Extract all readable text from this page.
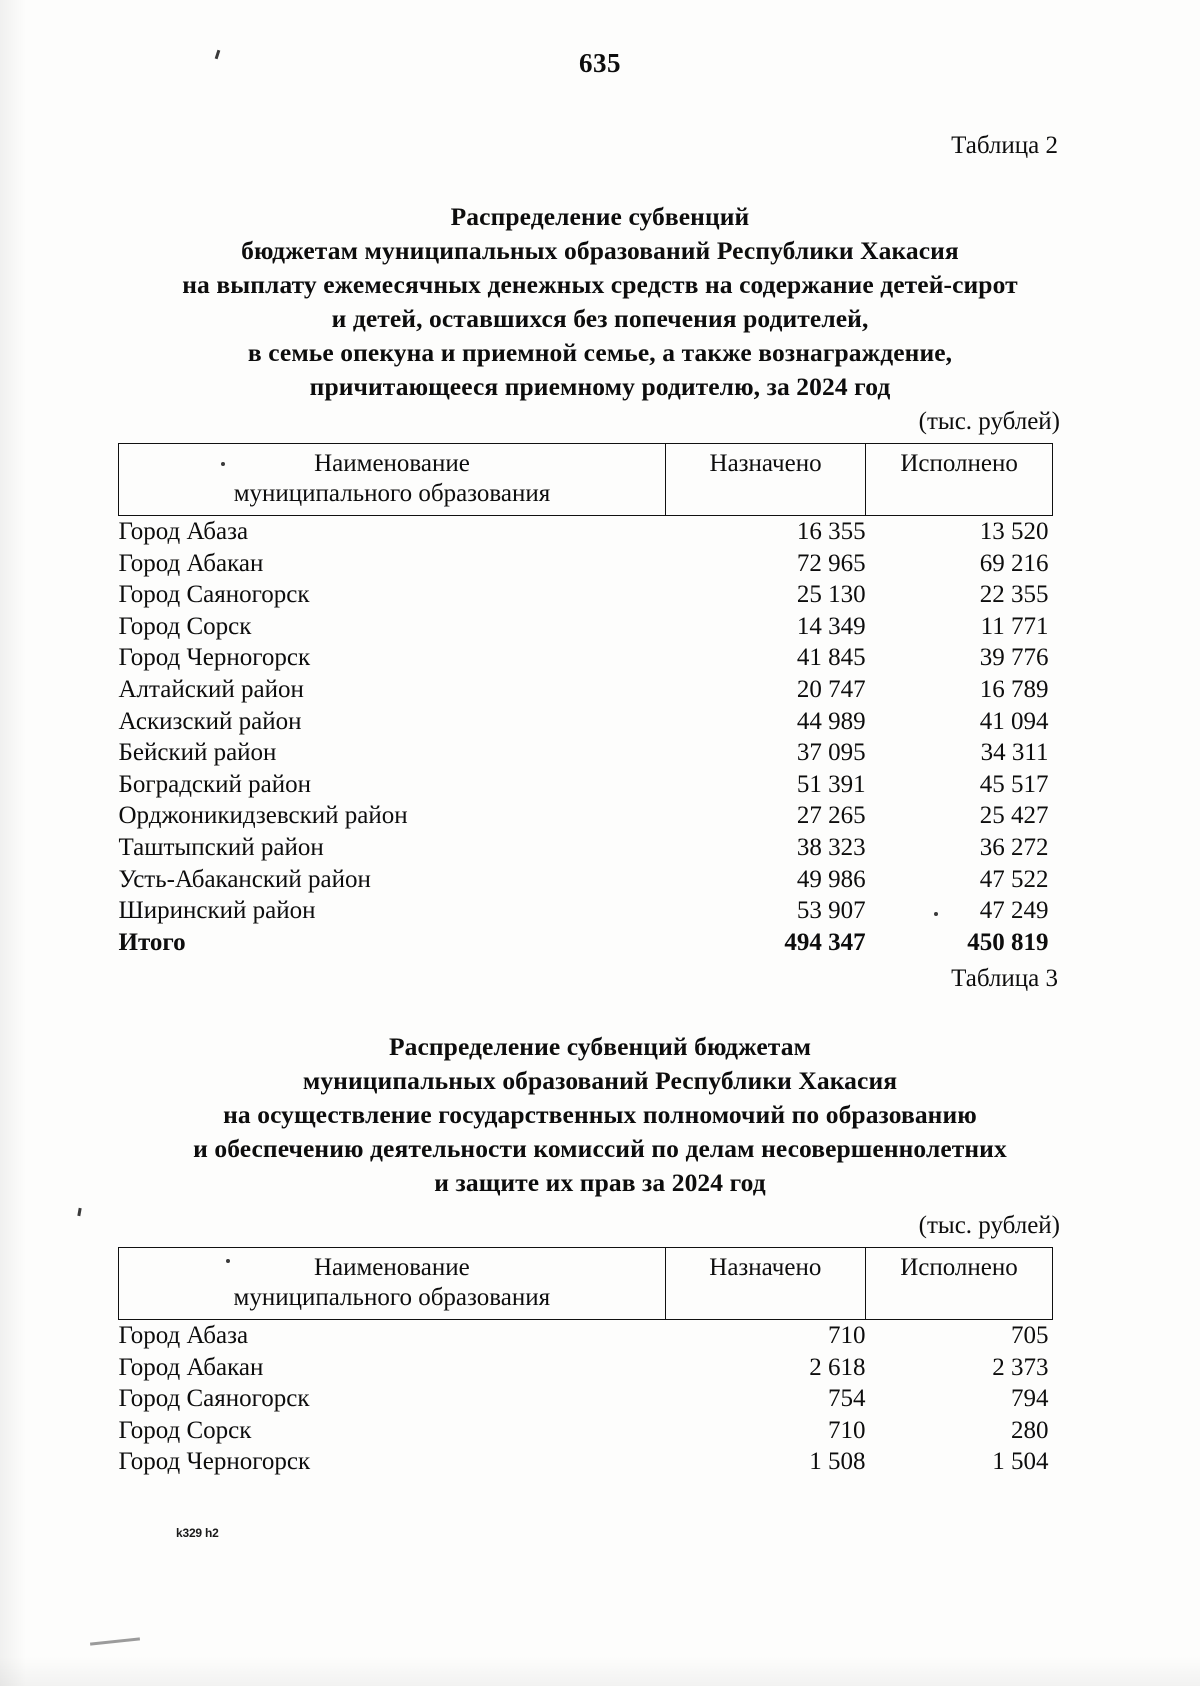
635
Таблица 2
Распределение субвенций
бюджетам муниципальных образований Республики Хакасия
на выплату ежемесячных денежных средств на содержание детей-сирот
и детей, оставшихся без попечения родителей,
в семье опекуна и приемной семье, а также вознаграждение,
причитающееся приемному родителю, за 2024 год
(тыс. рублей)
Наименование
муниципального образования	Назначено	Исполнено
Город Абаза	16 355	13 520
Город Абакан	72 965	69 216
Город Саяногорск	25 130	22 355
Город Сорск	14 349	11 771
Город Черногорск	41 845	39 776
Алтайский район	20 747	16 789
Аскизский район	44 989	41 094
Бейский район	37 095	34 311
Боградский район	51 391	45 517
Орджоникидзевский район	27 265	25 427
Таштыпский район	38 323	36 272
Усть-Абаканский район	49 986	47 522
Ширинский район	53 907	47 249
Итого	494 347	450 819
Таблица 3
Распределение субвенций бюджетам
муниципальных образований Республики Хакасия
на осуществление государственных полномочий по образованию
и обеспечению деятельности комиссий по делам несовершеннолетних
и защите их прав за 2024 год
(тыс. рублей)
Наименование
муниципального образования	Назначено	Исполнено
Город Абаза	710	705
Город Абакан	2 618	2 373
Город Саяногорск	754	794
Город Сорск	710	280
Город Черногорск	1 508	1 504
k329 h2
